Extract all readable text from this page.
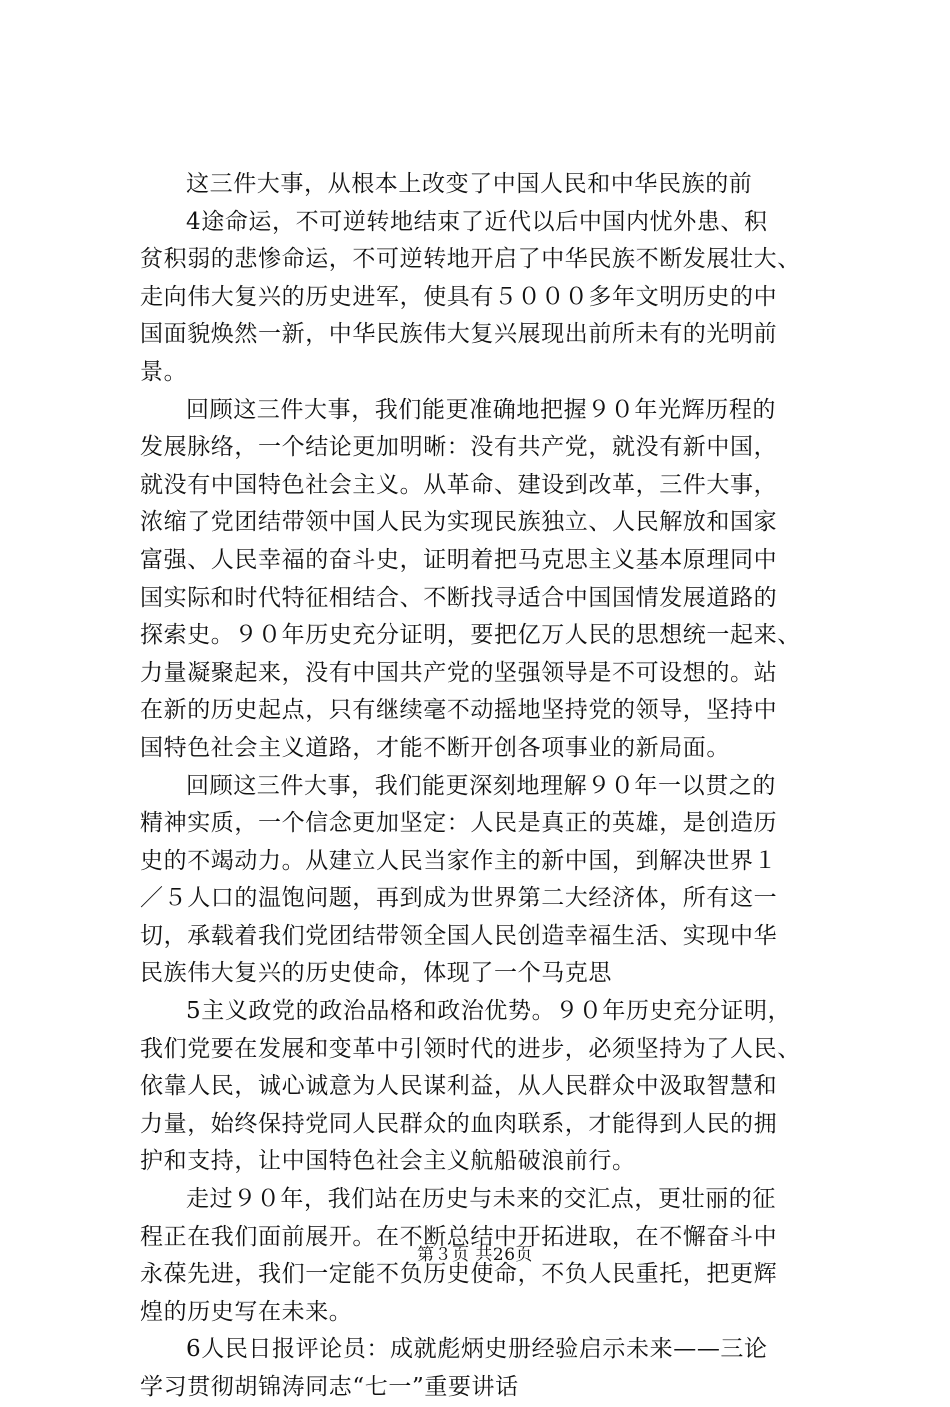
这三件大事，从根本上改变了中国人民和中华民族的前
4途命运，不可逆转地结束了近代以后中国内忧外患、积
贫积弱的悲惨命运，不可逆转地开启了中华民族不断发展壮大、
走向伟大复兴的历史进军，使具有５０００多年文明历史的中
国面貌焕然一新，中华民族伟大复兴展现出前所未有的光明前
景。
回顾这三件大事，我们能更准确地把握９０年光辉历程的
发展脉络，一个结论更加明晰：没有共产党，就没有新中国，
就没有中国特色社会主义。从革命、建设到改革，三件大事，
浓缩了党团结带领中国人民为实现民族独立、人民解放和国家
富强、人民幸福的奋斗史，证明着把马克思主义基本原理同中
国实际和时代特征相结合、不断找寻适合中国国情发展道路的
探索史。９０年历史充分证明，要把亿万人民的思想统一起来、
力量凝聚起来，没有中国共产党的坚强领导是不可设想的。站
在新的历史起点，只有继续毫不动摇地坚持党的领导，坚持中
国特色社会主义道路，才能不断开创各项事业的新局面。
回顾这三件大事，我们能更深刻地理解９０年一以贯之的
精神实质，一个信念更加坚定：人民是真正的英雄，是创造历
史的不竭动力。从建立人民当家作主的新中国，到解决世界１
／５人口的温饱问题，再到成为世界第二大经济体，所有这一
切，承载着我们党团结带领全国人民创造幸福生活、实现中华
民族伟大复兴的历史使命，体现了一个马克思
5主义政党的政治品格和政治优势。９０年历史充分证明，
我们党要在发展和变革中引领时代的进步，必须坚持为了人民、
依靠人民，诚心诚意为人民谋利益，从人民群众中汲取智慧和
力量，始终保持党同人民群众的血肉联系，才能得到人民的拥
护和支持，让中国特色社会主义航船破浪前行。
走过９０年，我们站在历史与未来的交汇点，更壮丽的征
程正在我们面前展开。在不断总结中开拓进取，在不懈奋斗中
永葆先进，我们一定能不负历史使命，不负人民重托，把更辉
煌的历史写在未来。
6人民日报评论员：成就彪炳史册经验启示未来——三论
学习贯彻胡锦涛同志“七一”重要讲话
第３页 共26页
